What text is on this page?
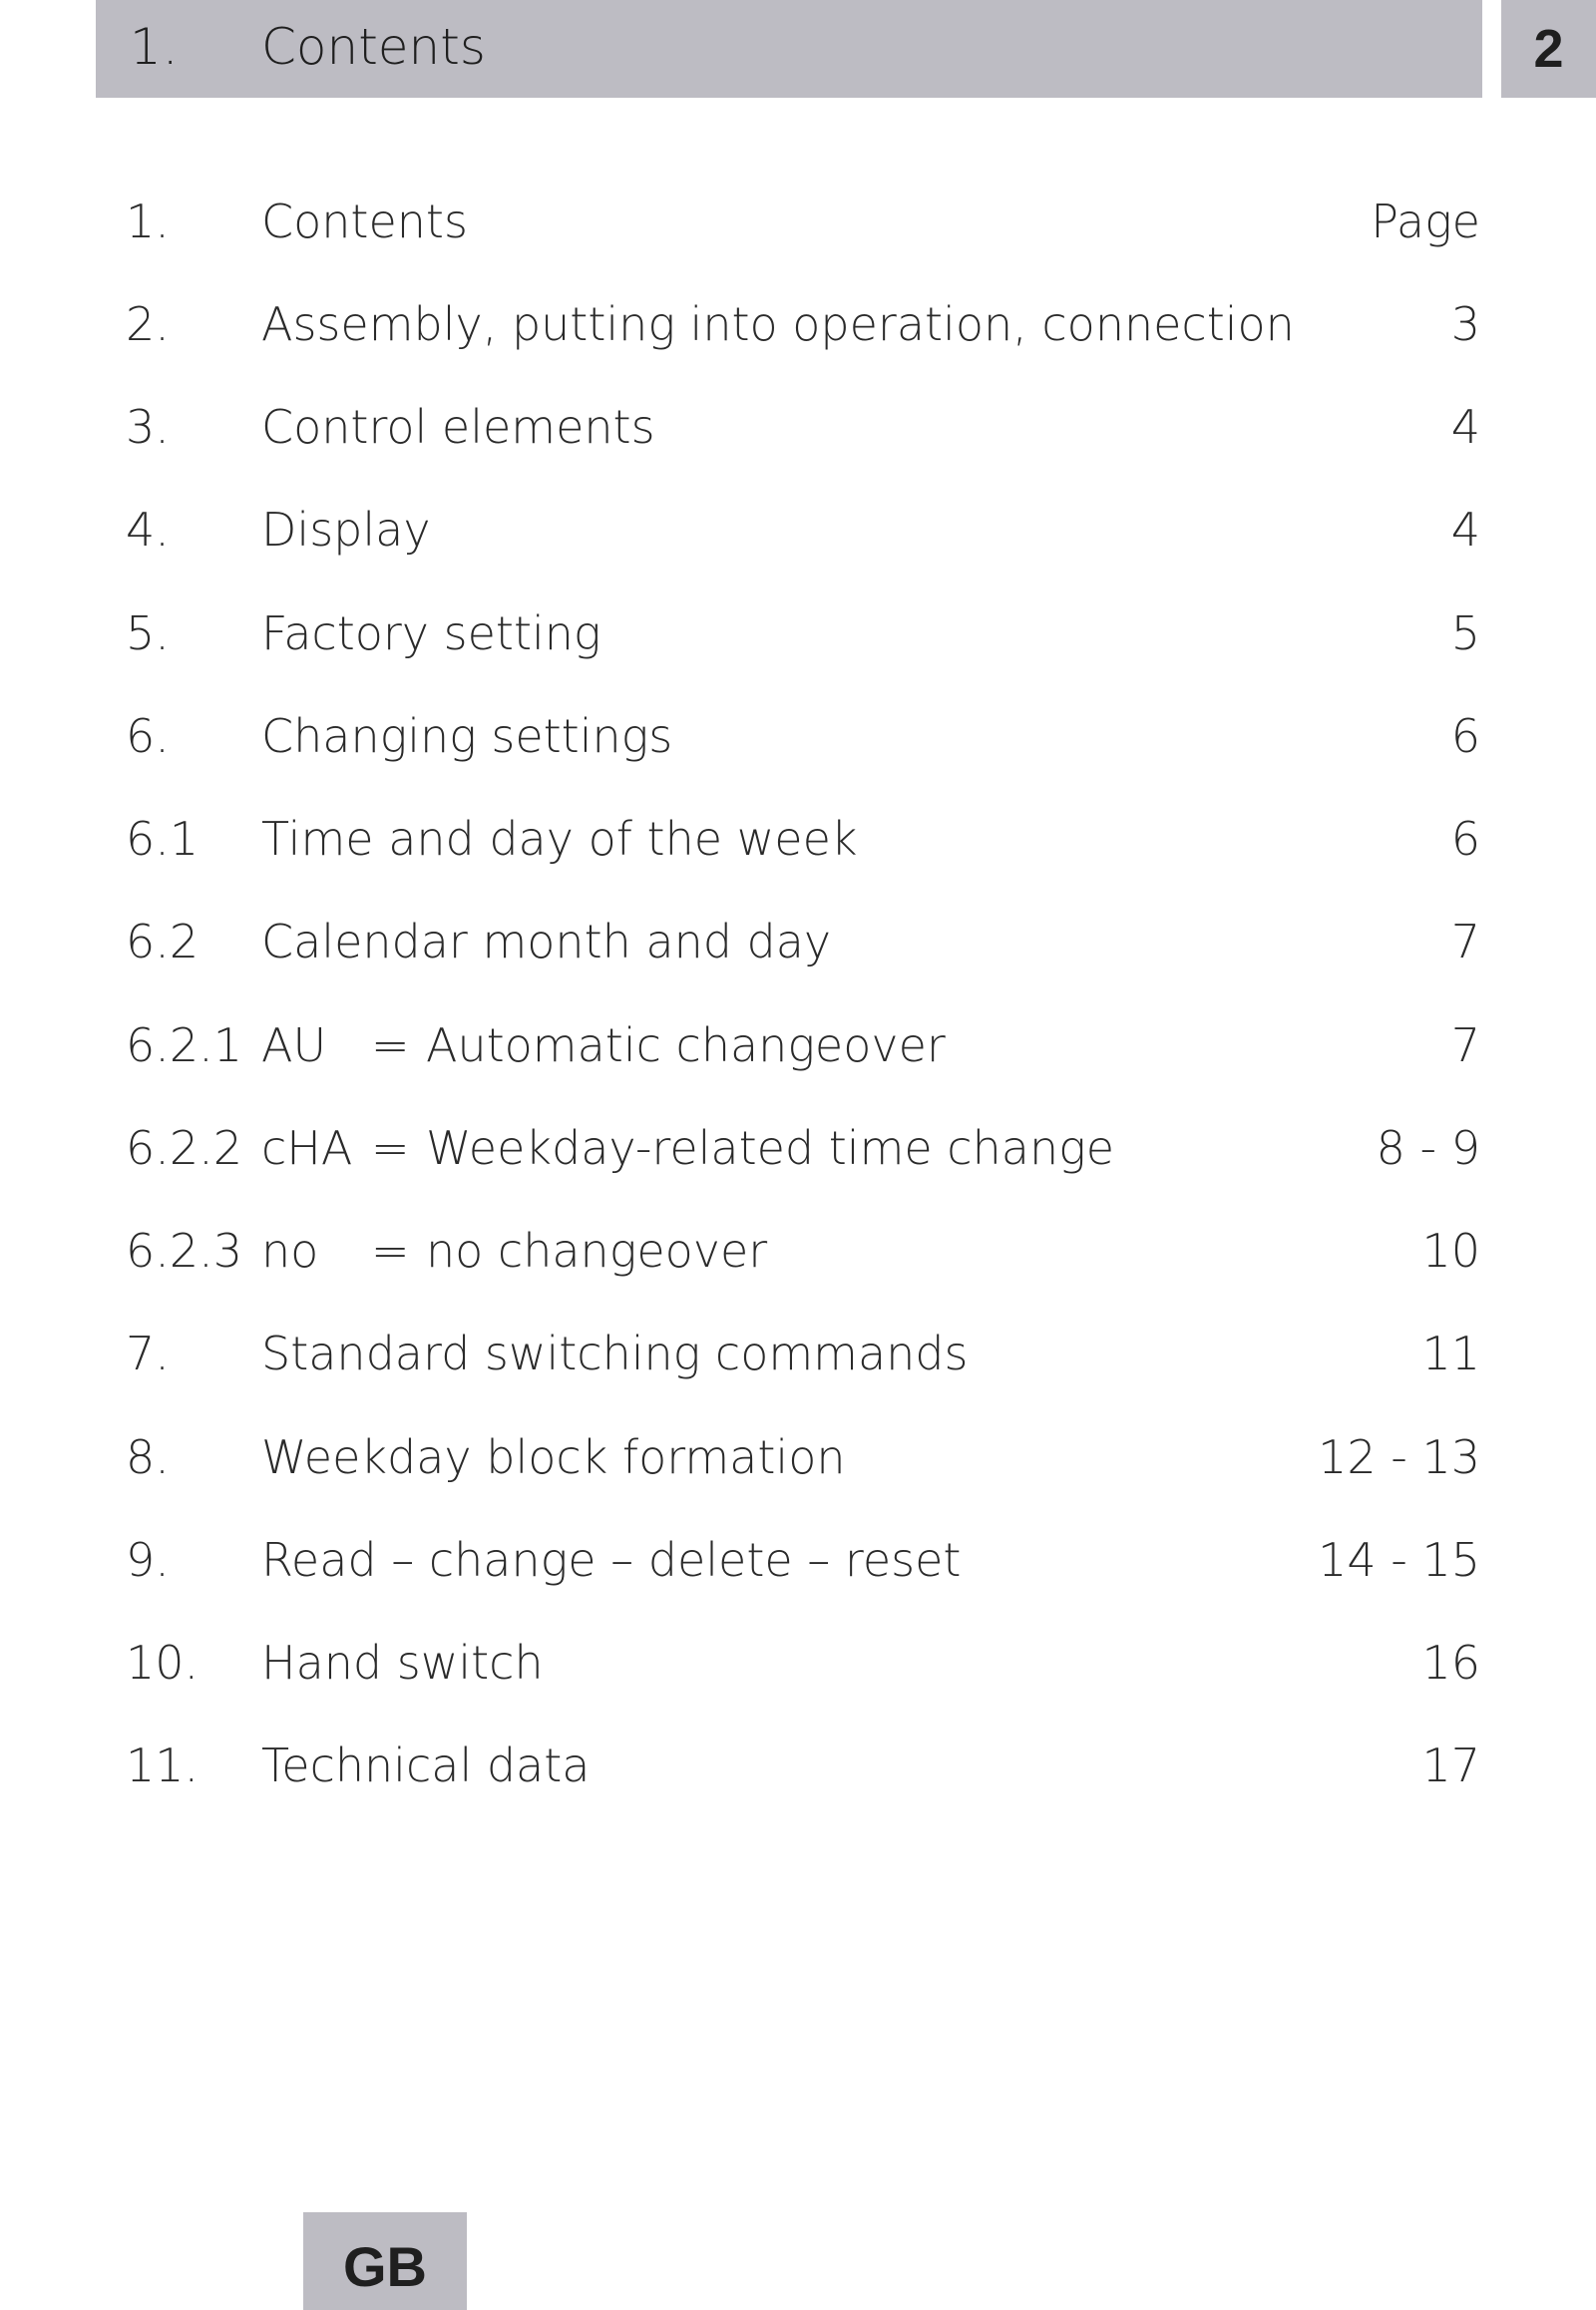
1. Contents	2
1. Contents	Page
2. Assembly, putting into operation, connection	3
3. Control elements	4
4. Display	4
5. Factory setting	5
6. Changing settings	6
6.1 Time and day of the week	6
6.2 Calendar month and day	7
6.2.1 AU = Automatic changeover	7
6.2.2 cHA = Weekday-related time change	8 - 9
6.2.3 no = no changeover	10
7. Standard switching commands	11
8. Weekday block formation	12 - 13
9. Read – change – delete – reset	14 - 15
10. Hand switch	16
11. Technical data	17
GB
